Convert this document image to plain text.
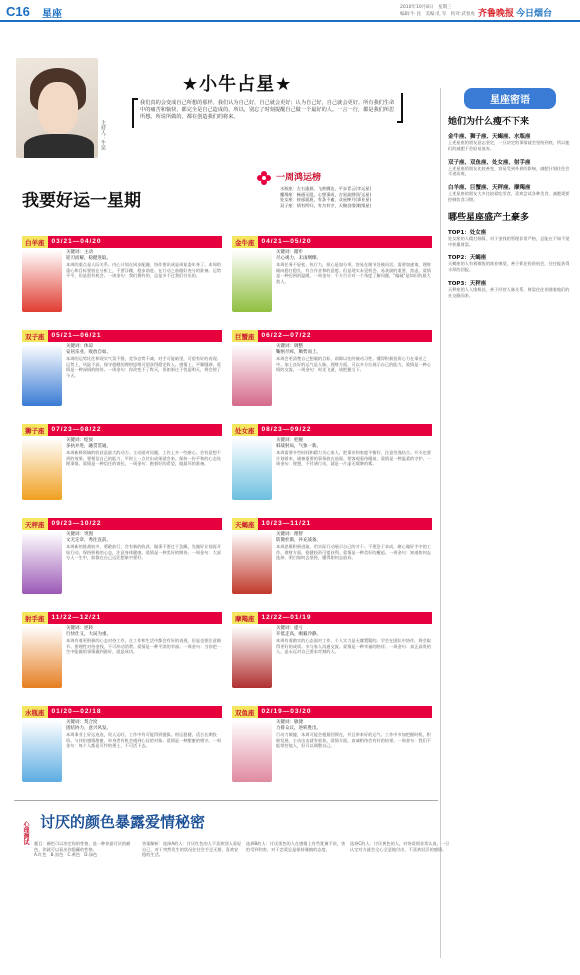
C16 星座
2010年10月8日　星期三
编辑:牛 昆　美编:孔 军　校对:武春虎 齐鲁晚报 今日烟台
主持人：牛昆
★小牛占星★
我们真的会变成自己所想的那样。我们认为自己好，自己就会更好；认为自己好，自己就会更好。所有我们生命中的痛苦和愉快，都完全是自己造成的。所以，别忘了时刻提醒自己做一个最好的人。一言一行，都是我们所思所想。所说所做的，都在创造我们的将来。
一周鸿运榜
我要好运一星期
水瓶座：左右逢源，飞黄腾达，平步青云(幸运星)
魔羯座：畅通无阻，心想事成，吉星高照(好运星)
处女座：按部就班，有条不紊，众星捧月(事业星)
双子座：情有所归，有为有守，天赐良缘(姻缘星)
白羊座	03/21—04/20
关键词：主动
迎刃而解，稳健进取。
本周的重点是人际关系。内心计划在同步配融，协作要识成是周复委年身了。本周的重心和目标要放在分析上，不要浮躁，稳步前进。在行动之前做好充分的准备。运势平平，但是很有机会。一周金句：我们拥有的，总是多不过我们付出的。
金牛座	04/21—05/20
关键词：踏步
尽心竭力，未雨绸缪。
本周任务不轻松，执行力，担心是加分项。容易在细节处被问话，需要加速请，理财倾向稳打稳扎，有合作业和的意愿。但是现实未见机会。易获励的重要，焦虑，爱情是一种迟到的温暖。一周金句：千方百计对一个角度了解问题，"偏破"是知识的最大敌人。
双子座	05/21—06/21
关键词：体谅
安居乐业，收放自如。
本周的运势比往和现实气氛不错，竞争态势不减，对手可能暗里，可望有好的表现。运势上，风险不高，保守稳健的理财思维可望获得稳定收入。感情上，平顺圆满，爱情是一种深情的陪伴。一周金句：你改变不了昨天，但如果过于忧虑明天，将会毁了今天。
巨蟹座	06/22—07/22
关键词：调整
鞠躬尽瘁，顺势而上。
本周会更清楚自己想做的目标，顽除以往的被动习性。懂得积极投资心力在事业之中。加上良好的运气是人脉，理财方面，可以多方位展示自己的能力。爱情是一种心情的交流。一周金句：时光飞逝，请把握当下。
狮子座	07/23—08/22
关键词：绽放
多执并进，融贯贯通。
本周新鲜领域的收获是最大的动力。主动面对问题，工作上多一些耐心，会有意想不到的效果。要相信自己的能力，平时上一点付出成果就会来。保持一份平和的心态处理事情。爱情是一种信任的寄托。一周金句：抱着好的希望，做最坏的准备。
处女座	08/23—09/22
关键词：把握
韩战射局，气象一新。
本周需要多些时间和精力关心家人，把事业和家庭平衡好，注意劳逸结合。开支也要计划着来，储备重要的事务放在前面。要客观看待眼前。爱情是一种温柔的守护。一周金句：理想，不付诸行动，就是一片虚无缥缈的雾。
天秤座	09/23—10/22
关键词：突围
文无定章，秀往直前。
本周新的挑战较多，勇敢前行，会有新的收获。做事不要过于急躁，先做好计划再开始行动。保持积极的心态，注意身体健康。爱情是一种美好的期待。一周金句：大部分人一生中，如都在自己远比想象中要好。
天蝎座	10/23—11/21
关键词：理智
防微杜渐，补充战备。
本周思维积极进取，用实际行动展示自己的才干。不要急于求成，耐心做好手中的工作。理财方面，稳健投资可望获利。爱情是一种美好的邂逅。一周金句：知道如何去选择，明白如何去坚持，懂得如何去放弃。
射手座	11/22—12/21
关键词：逆转
行快仕又，大局为重。
本周有着更积极的心态对待工作，在工作和生活中都会有好的表现。但是也要注意细节。要理性对待金钱，不可冲动消费。爱情是一种平淡的幸福。一周金句：当你把一生中能做的事情做到最好，就是成功。
摩羯座	12/22—01/19
关键词：提亏
开低走高，刚毅冷静。
本周有着踏实的心态面对工作，个人实力是无庸置疑的。学会在团队中协作，将会取得更好的成绩。多与家人沟通交流。爱情是一种幸福的陪伴。一周金句：真正高贵的人，是永远对自己要求苛刻的人。
水瓶座	01/20—02/18
关键词：契合度
团结协力，意兴风发。
本周事业上好运连连，贵人运旺，工作中有可能得到提拔。财运稳健，适合长期投资。与伴侣感情甜蜜，单身者有机会遇到心仪的对象。爱情是一种甜蜜的相守。一周金句：每个人都是可怜的勇士，不可活下去。
双鱼座	02/19—03/20
关键词：敏捷
力排众议，逆转胜出。
行动力敏捷，本周可能会根据回馈在，并且带来好的运气。工作中多加把握时机，积极发展，主动出击就有收获。爱情方面，真诚相待会有好的结果。一周金句：我们不能掌控他人，但可以调整自己。
星座密语
她们为什么瘦不下来
金牛座、狮子座、天蝎座、水瓶座
上述星座的朋友意志坚定，一旦决定的事情就会坚持到底，所以他们的减肥不会轻易放弃。
双子座、双鱼座、处女座、射手座
上述星座的朋友比较善变，容易受到外界的影响，减肥计划往往会半途而废。
白羊座、巨蟹座、天秤座、摩羯座
上述星座的朋友大多比较爱吃零食，喜欢尝试各种美食，减肥需要控制饮食习惯。
哪些星座盛产土豪多
TOP1：处女座
处女座的人精打细算，对于金钱的管理非常严格，总能在不知不觉中积累财富。
TOP2：天蝎座
天蝎座的人有着敏锐的商业嗅觉，善于抓住投资机会，往往能获得丰厚的回报。
TOP3：天秤座
天秤座的人人缘极佳，善于经营人脉关系，财富往往伴随着他们的社交圈而来。
心理测试 讨厌的颜色暴露爱情秘密
题目：颜色可以决定你的性格，选一种你最讨厌的颜色，你就可以看出你隐藏的性格。
A.红色　B.黑色　C.黄色　D.绿色
答案解析：选择A的人：讨厌红色的人不喜欢别人看轻自己，对于突然发生的状况往往会手足无措，喜欢安稳的生活。
选择B的人：讨厌黑色的人在感情上有些犹豫不决，害怕受到伤害，对于恋爱总是保持谨慎的态度。
选择C的人：讨厌黄色的人，对待爱情非常认真，一旦认定对方就会全心全意地付出，不喜欢轻浮的感情。
